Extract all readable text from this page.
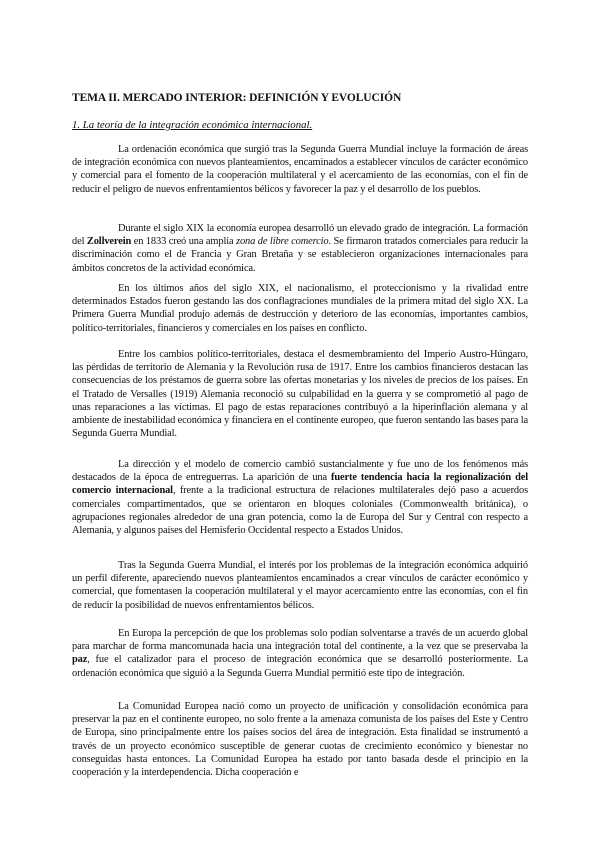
TEMA II. MERCADO INTERIOR: DEFINICIÓN Y EVOLUCIÓN
1. La teoría de la integración económica internacional.

La ordenación económica que surgió tras la Segunda Guerra Mundial incluye la formación de áreas de integración económica con nuevos planteamientos, encaminados a establecer vínculos de carácter económico y comercial para el fomento de la cooperación multilateral y el acercamiento de las economías, con el fin de reducir el peligro de nuevos enfrentamientos bélicos y favorecer la paz y el desarrollo de los pueblos.

Durante el siglo XIX la economía europea desarrolló un elevado grado de integración. La formación del Zollverein en 1833 creó una amplia zona de libre comercio. Se firmaron tratados comerciales para reducir la discriminación como el de Francia y Gran Bretaña y se establecieron organizaciones internacionales para ámbitos concretos de la actividad económica.

En los últimos años del siglo XIX, el nacionalismo, el proteccionismo y la rivalidad entre determinados Estados fueron gestando las dos conflagraciones mundiales de la primera mitad del siglo XX. La Primera Guerra Mundial produjo además de destrucción y deterioro de las economías, importantes cambios, político-territoriales, financieros y comerciales en los países en conflicto.

Entre los cambios político-territoriales, destaca el desmembramiento del Imperio Austro-Húngaro, las pérdidas de territorio de Alemania y la Revolución rusa de 1917. Entre los cambios financieros destacan las consecuencias de los préstamos de guerra sobre las ofertas monetarias y los niveles de precios de los países. En el Tratado de Versalles (1919) Alemania reconoció su culpabilidad en la guerra y se comprometió al pago de unas reparaciones a las víctimas. El pago de estas reparaciones contribuyó a la hiperinflación alemana y al ambiente de inestabilidad económica y financiera en el continente europeo, que fueron sentando las bases para la Segunda Guerra Mundial.

La dirección y el modelo de comercio cambió sustancialmente y fue uno de los fenómenos más destacados de la época de entreguerras. La aparición de una fuerte tendencia hacia la regionalización del comercio internacional, frente a la tradicional estructura de relaciones multilaterales dejó paso a acuerdos comerciales compartimentados, que se orientaron en bloques coloniales (Commonwealth británica), o agrupaciones regionales alrededor de una gran potencia, como la de Europa del Sur y Central con respecto a Alemania, y algunos países del Hemisferio Occidental respecto a Estados Unidos.

Tras la Segunda Guerra Mundial, el interés por los problemas de la integración económica adquirió un perfil diferente, apareciendo nuevos planteamientos encaminados a crear vínculos de carácter económico y comercial, que fomentasen la cooperación multilateral y el mayor acercamiento entre las economías, con el fin de reducir la posibilidad de nuevos enfrentamientos bélicos.

En Europa la percepción de que los problemas solo podían solventarse a través de un acuerdo global para marchar de forma mancomunada hacia una integración total del continente, a la vez que se preservaba la paz, fue el catalizador para el proceso de integración económica que se desarrolló posteriormente. La ordenación económica que siguió a la Segunda Guerra Mundial permitió este tipo de integración.

La Comunidad Europea nació como un proyecto de unificación y consolidación económica para preservar la paz en el continente europeo, no solo frente a la amenaza comunista de los países del Este y Centro de Europa, sino principalmente entre los países socios del área de integración. Esta finalidad se instrumentó a través de un proyecto económico susceptible de generar cuotas de crecimiento económico y bienestar no conseguidas hasta entonces. La Comunidad Europea ha estado por tanto basada desde el principio en la cooperación y la interdependencia. Dicha cooperación e
